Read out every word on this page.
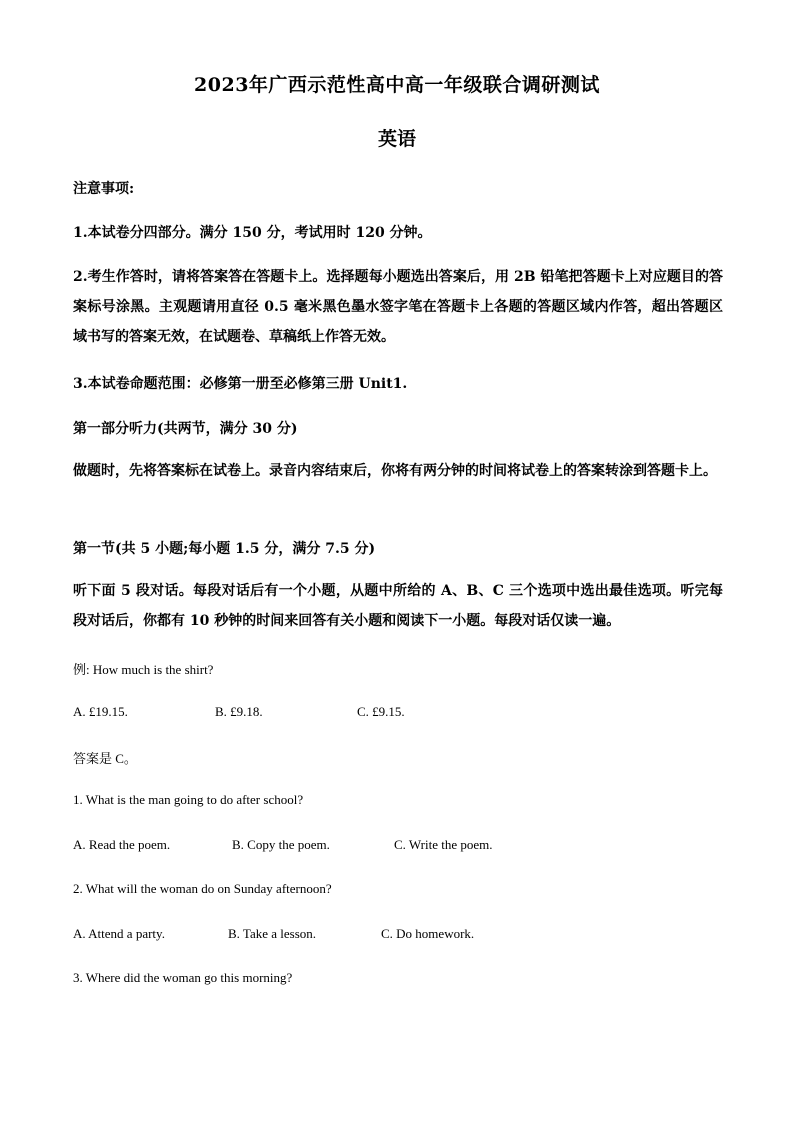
2023年广西示范性高中高一年级联合调研测试
英语
注意事项:
1.本试卷分四部分。满分 150 分，考试用时 120 分钟。
2.考生作答时，请将答案答在答题卡上。选择题每小题选出答案后，用 2B 铅笔把答题卡上对应题目的答案标号涂黑。主观题请用直径 0.5 毫米黑色墨水签字笔在答题卡上各题的答题区域内作答，超出答题区域书写的答案无效，在试题卷、草稿纸上作答无效。
3.本试卷命题范围：必修第一册至必修第三册 Unit1.
第一部分听力(共两节，满分 30 分)
做题时，先将答案标在试卷上。录音内容结束后，你将有两分钟的时间将试卷上的答案转涂到答题卡上。
第一节(共 5 小题;每小题 1.5 分，满分 7.5 分)
听下面 5 段对话。每段对话后有一个小题，从题中所给的 A、B、C 三个选项中选出最佳选项。听完每段对话后，你都有 10 秒钟的时间来回答有关小题和阅读下一小题。每段对话仅读一遍。
例: How much is the shirt?
A. £19.15.	B. £9.18.	C. £9.15.
答案是 C。
1. What is the man going to do after school?
A. Read the poem.	B. Copy the poem.	C. Write the poem.
2. What will the woman do on Sunday afternoon?
A. Attend a party.	B. Take a lesson.	C. Do homework.
3. Where did the woman go this morning?
